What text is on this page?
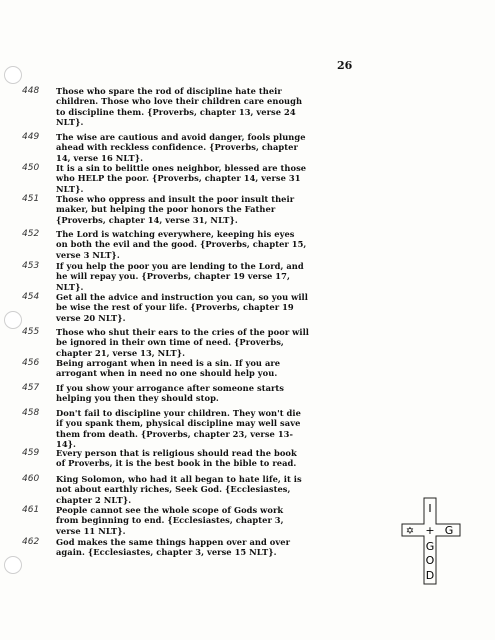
26
448 Those who spare the rod of discipline hate their
children. Those who love their children care enough
to discipline them. {Proverbs, chapter 13, verse 24
NLT}.
449 The wise are cautious and avoid danger, fools plunge
ahead with reckless confidence. {Proverbs, chapter
14, verse 16 NLT}.
450 It is a sin to belittle ones neighbor, blessed are those
who HELP the poor. {Proverbs, chapter 14, verse 31
NLT}.
451 Those who oppress and insult the poor insult their
maker, but helping the poor honors the Father
{Proverbs, chapter 14, verse 31, NLT}.
452 The Lord is watching everywhere, keeping his eyes
on both the evil and the good. {Proverbs, chapter 15,
verse 3 NLT}.
453 If you help the poor you are lending to the Lord, and
he will repay you. {Proverbs, chapter 19 verse 17,
NLT}.
454 Get all the advice and instruction you can, so you will
be wise the rest of your life. {Proverbs, chapter 19
verse 20 NLT}.
455 Those who shut their ears to the cries of the poor will
be ignored in their own time of need. {Proverbs,
chapter 21, verse 13, NLT}.
456 Being arrogant when in need is a sin. If you are
arrogant when in need no one should help you.
457 If you show your arrogance after someone starts
helping you then they should stop.
458 Don't fail to discipline your children. They won't die
if you spank them, physical discipline may well save
them from death. {Proverbs, chapter 23, verse 13-
14}.
459 Every person that is religious should read the book
of Proverbs, it is the best book in the bible to read.
460 King Solomon, who had it all began to hate life, it is
not about earthly riches, Seek God. {Ecclesiastes,
chapter 2 NLT}.
461 People cannot see the whole scope of Gods work
from beginning to end. {Ecclesiastes, chapter 3,
verse 11 NLT}.
462 God makes the same things happen over and over
again. {Ecclesiastes, chapter 3, verse 15 NLT}.
I
+ G
✡
G
O
D
